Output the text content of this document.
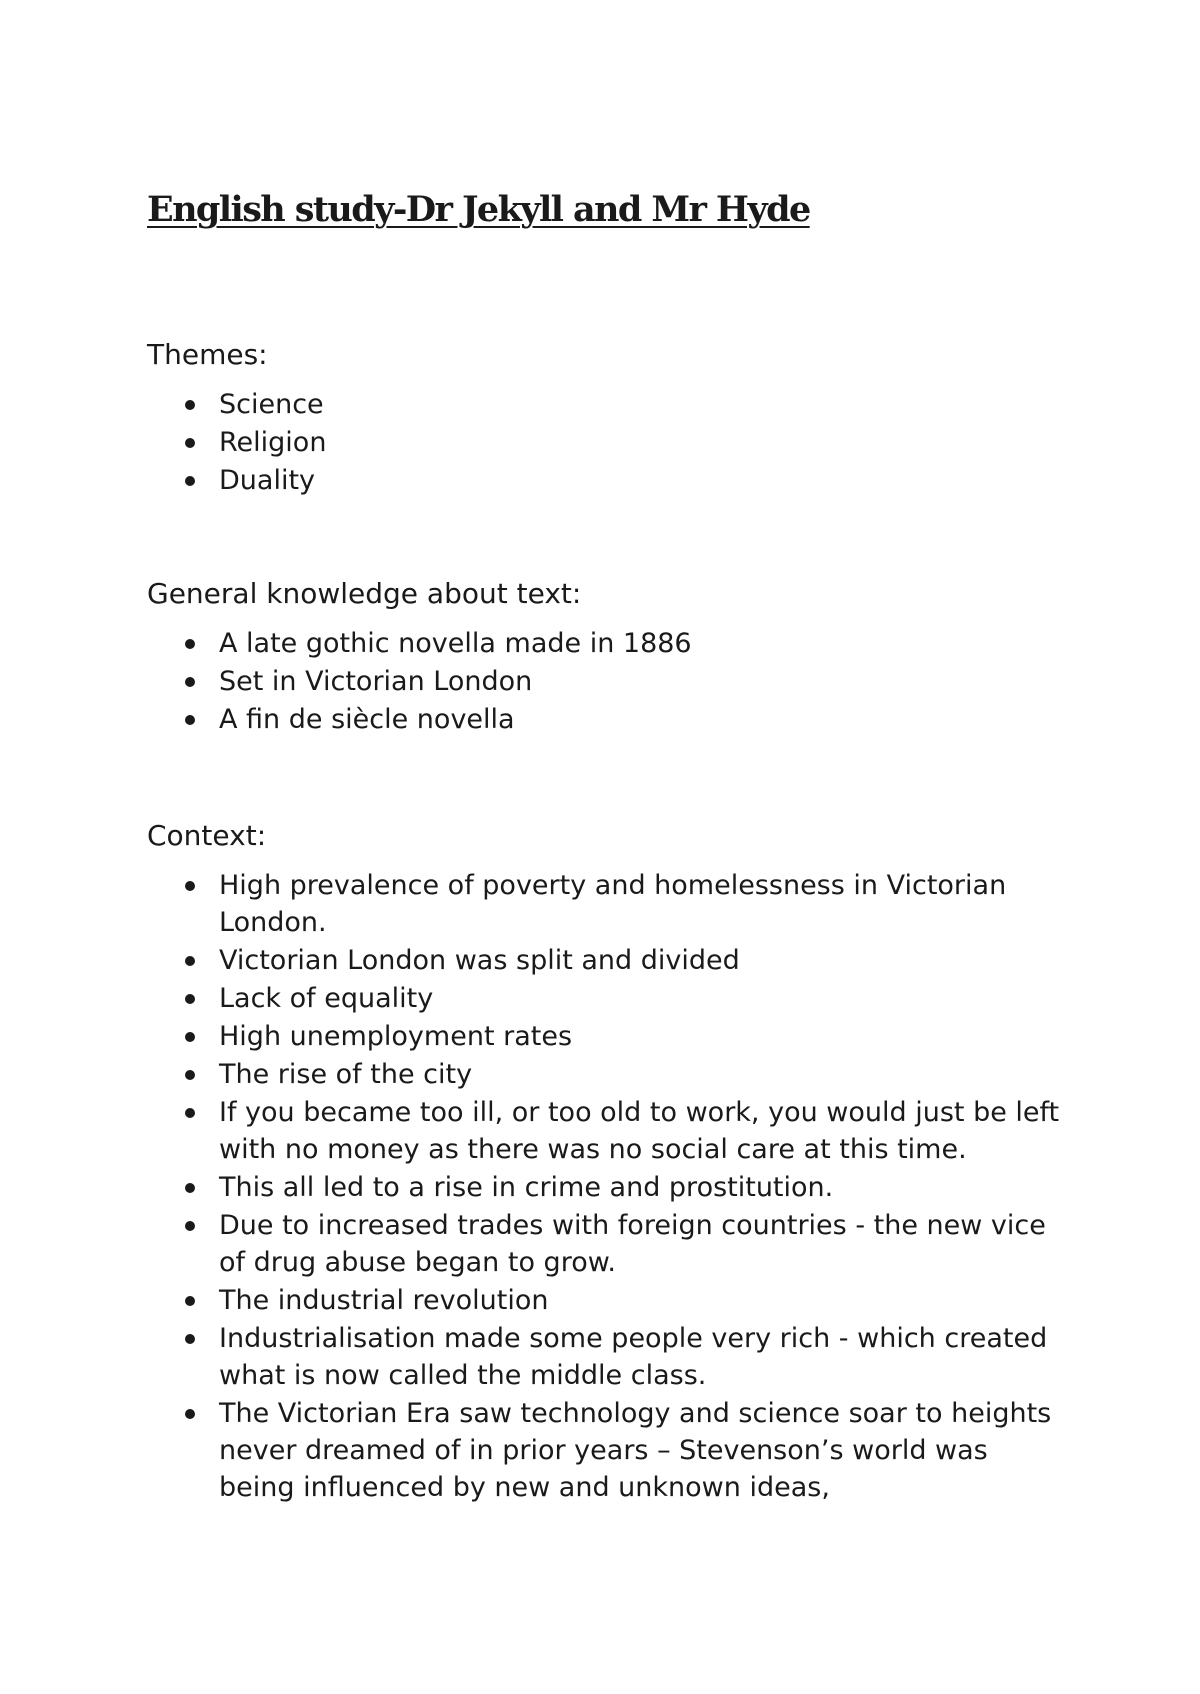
English study-Dr Jekyll and Mr Hyde
Themes:
Science
Religion
Duality
General knowledge about text:
A late gothic novella made in 1886
Set in Victorian London
A fin de siècle novella
Context:
High prevalence of poverty and homelessness in Victorian London.
Victorian London was split and divided
Lack of equality
High unemployment rates
The rise of the city
If you became too ill, or too old to work, you would just be left with no money as there was no social care at this time.
This all led to a rise in crime and prostitution.
Due to increased trades with foreign countries - the new vice of drug abuse began to grow.
The industrial revolution
Industrialisation made some people very rich - which created what is now called the middle class.
The Victorian Era saw technology and science soar to heights never dreamed of in prior years – Stevenson’s world was being influenced by new and unknown ideas,
